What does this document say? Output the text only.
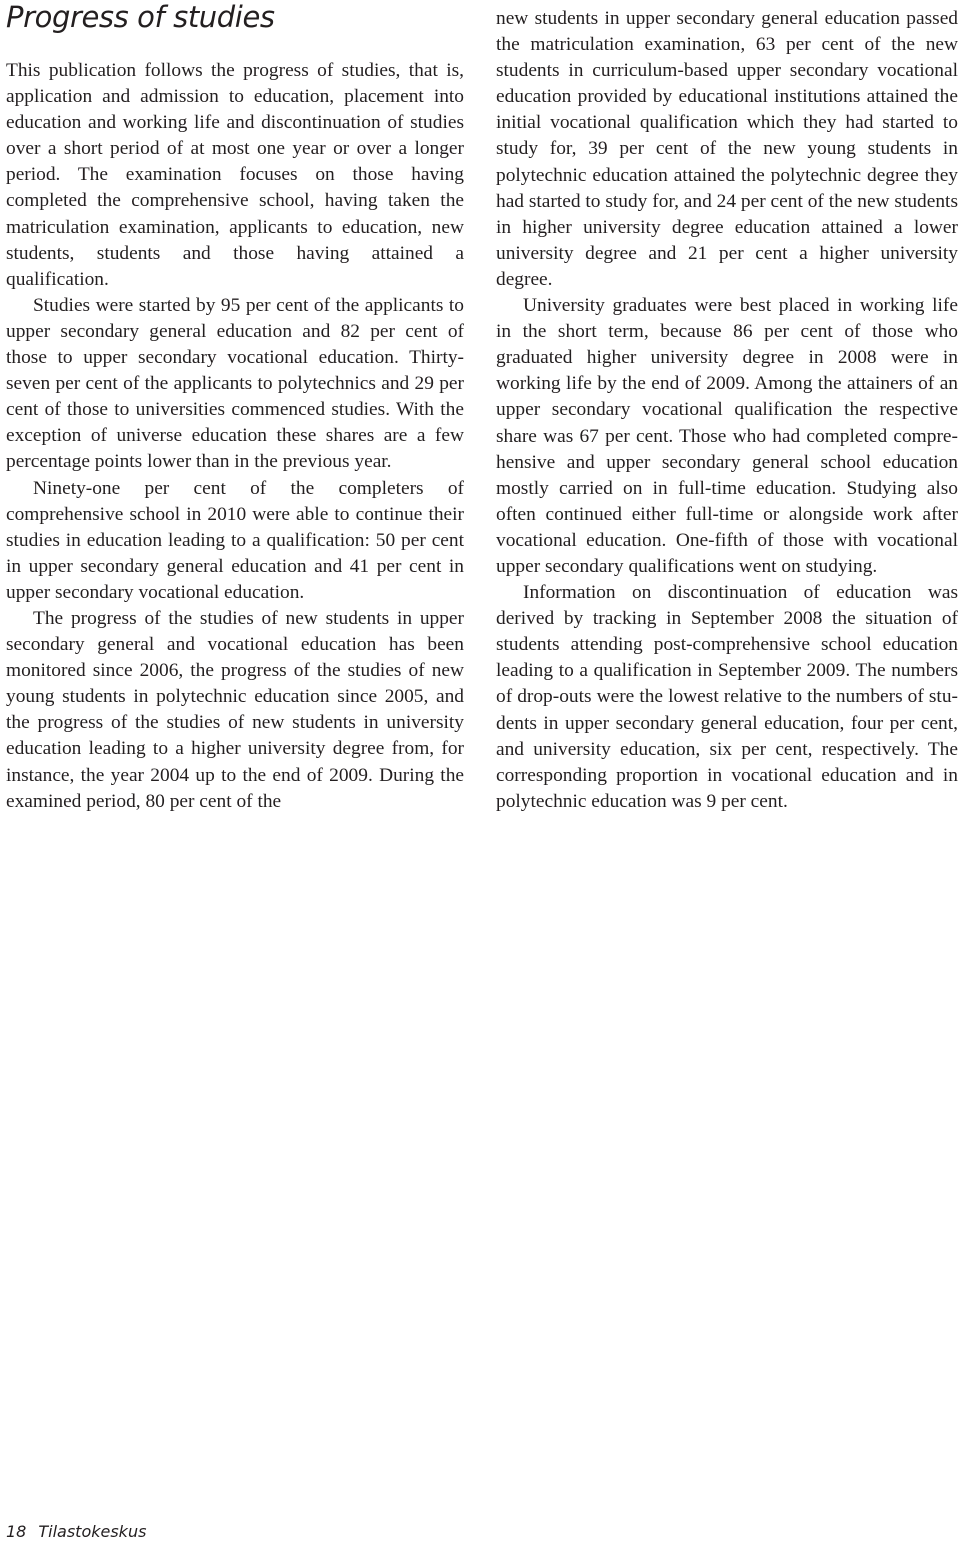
Progress of studies

This publication follows the progress of studies, that is, application and admission to education, placement into education and working life and discontinuation of studies over a short period of at most one year or over a longer period. The examination focuses on those having completed the comprehensive school, having taken the matriculation examination, applicants to education, new students, students and those having attained a qualification.

Studies were started by 95 per cent of the applicants to upper secondary general education and 82 per cent of those to upper secondary vocational education. Thirty-seven per cent of the applicants to polytechnics and 29 per cent of those to universities commenced studies. With the exception of universe education these shares are a few percentage points lower than in the previous year.

Ninety-one per cent of the completers of comprehensive school in 2010 were able to continue their studies in education leading to a qualification: 50 per cent in upper secondary general education and 41 per cent in upper secondary vocational education.

The progress of the studies of new students in upper secondary general and vocational education has been monitored since 2006, the progress of the studies of new young students in polytechnic education since 2005, and the progress of the studies of new students in university education leading to a higher university degree from, for instance, the year 2004 up to the end of 2009. During the examined period, 80 per cent of the

new students in upper secondary general education passed the matriculation examination, 63 per cent of the new students in curriculum-based upper secondary vocational education provided by educational institutions attained the initial vocational qualification which they had started to study for, 39 per cent of the new young students in polytechnic education attained the polytechnic degree they had started to study for, and 24 per cent of the new students in higher university degree education attained a lower university degree and 21 per cent a higher university degree.

University graduates were best placed in working life in the short term, because 86 per cent of those who graduated higher university degree in 2008 were in working life by the end of 2009. Among the attainers of an upper secondary vocational qualification the respective share was 67 per cent. Those who had completed comprehensive and upper secondary general school education mostly carried on in full-time education. Studying also often continued either full-time or alongside work after vocational education. One-fifth of those with vocational upper secondary qualifications went on studying.

Information on discontinuation of education was derived by tracking in September 2008 the situation of students attending post-comprehensive school education leading to a qualification in September 2009. The numbers of drop-outs were the lowest relative to the numbers of students in upper secondary general education, four per cent, and university education, six per cent, respectively. The corresponding proportion in vocational education and in polytechnic education was 9 per cent.

18 Tilastokeskus
